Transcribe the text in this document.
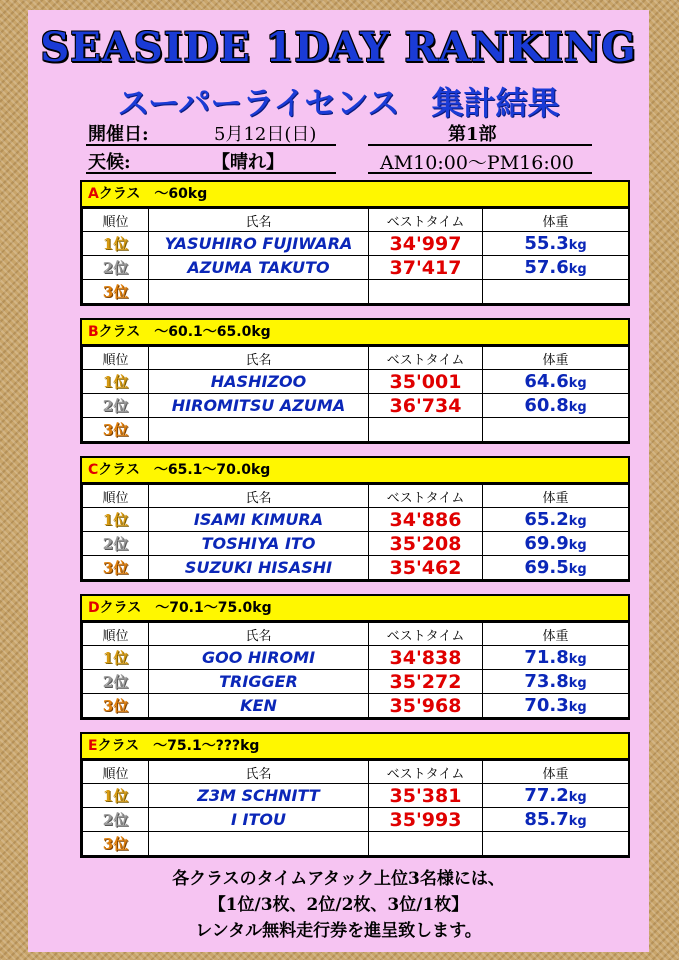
SEASIDE 1DAY RANKING
スーパーライセンス　集計結果
開催日:	5月12日(日)	第1部
天候:	【晴れ】	AM10:00〜PM16:00
Aクラス　〜60kg
順位	氏名	ベストタイム	体重
1位	YASUHIRO FUJIWARA	34'997	55.3kg
2位	AZUMA TAKUTO	37'417	57.6kg
3位			
Bクラス　〜60.1〜65.0kg
順位	氏名	ベストタイム	体重
1位	HASHIZOO	35'001	64.6kg
2位	HIROMITSU AZUMA	36'734	60.8kg
3位			
Cクラス　〜65.1〜70.0kg
順位	氏名	ベストタイム	体重
1位	ISAMI KIMURA	34'886	65.2kg
2位	TOSHIYA ITO	35'208	69.9kg
3位	SUZUKI HISASHI	35'462	69.5kg
Dクラス　〜70.1〜75.0kg
順位	氏名	ベストタイム	体重
1位	GOO HIROMI	34'838	71.8kg
2位	TRIGGER	35'272	73.8kg
3位	KEN	35'968	70.3kg
Eクラス　〜75.1〜???kg
順位	氏名	ベストタイム	体重
1位	Z3M SCHNITT	35'381	77.2kg
2位	I ITOU	35'993	85.7kg
3位			
各クラスのタイムアタック上位3名様には、
【1位/3枚、2位/2枚、3位/1枚】
レンタル無料走行券を進呈致します。
